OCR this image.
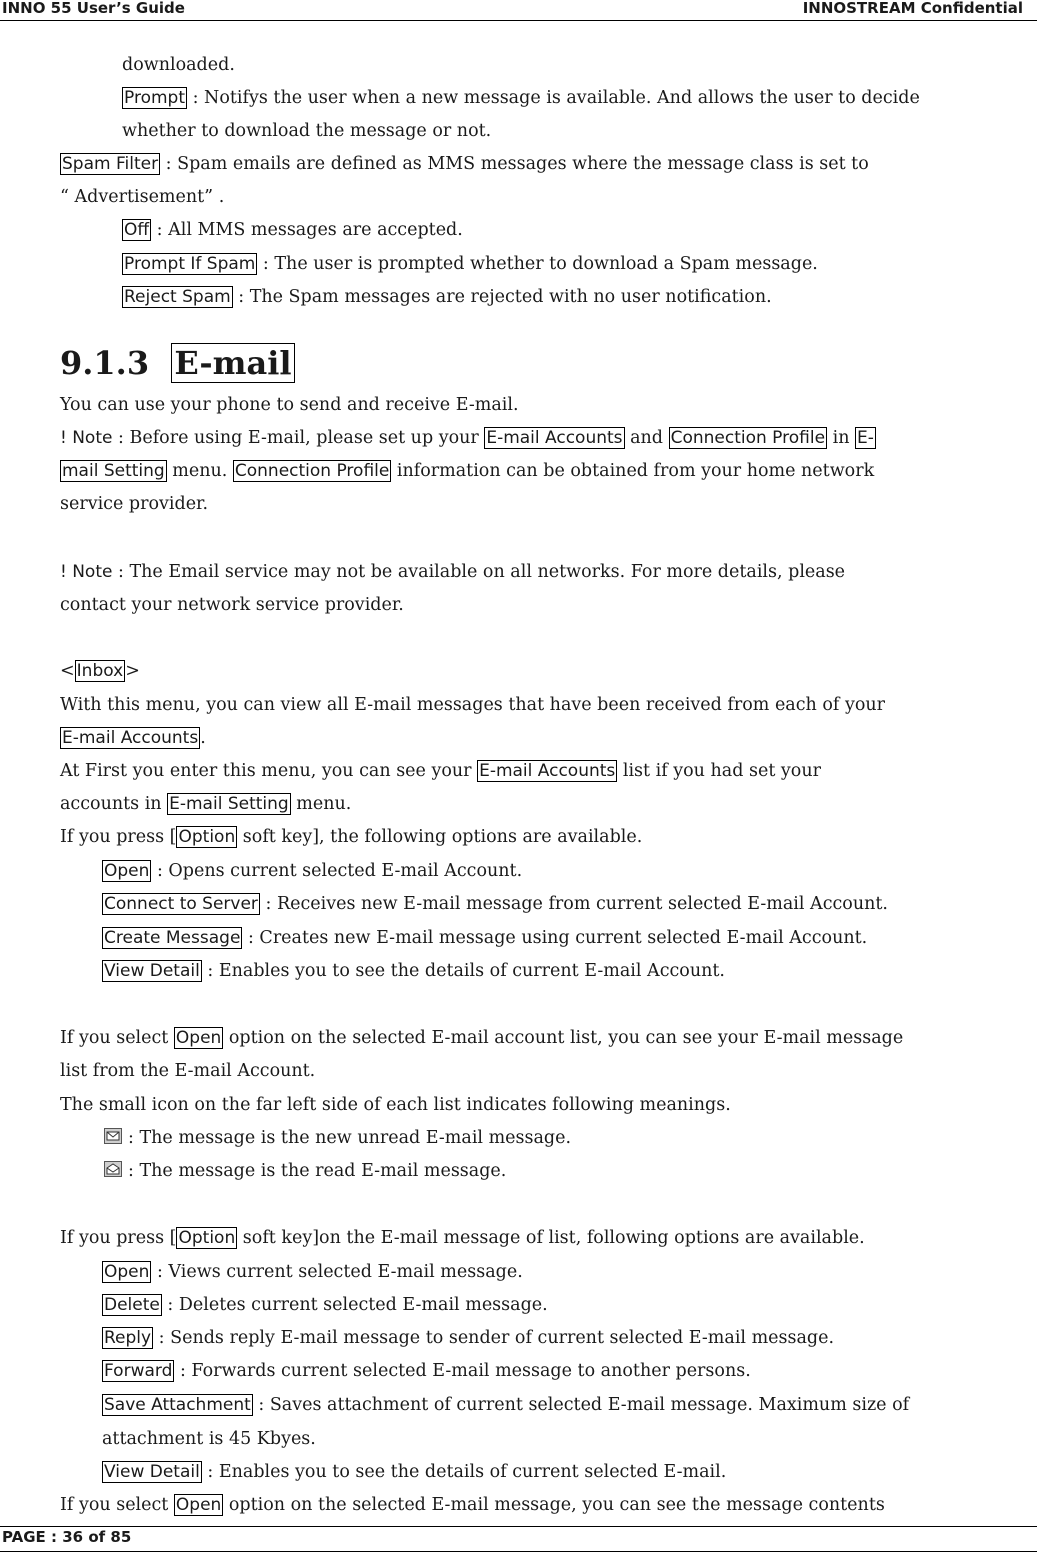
INNO 55 User’s Guide	INNOSTREAM Confidential
downloaded.
Prompt : Notifys the user when a new message is available. And allows the user to decide
whether to download the message or not.
Spam Filter : Spam emails are defined as MMS messages where the message class is set to
“ Advertisement” .
Off : All MMS messages are accepted.
Prompt If Spam : The user is prompted whether to download a Spam message.
Reject Spam : The Spam messages are rejected with no user notification.
9.1.3 E-mail
You can use your phone to send and receive E-mail.
! Note : Before using E-mail, please set up your E-mail Accounts and Connection Profile in E-
mail Setting menu. Connection Profile information can be obtained from your home network
service provider.
! Note : The Email service may not be available on all networks. For more details, please
contact your network service provider.
< Inbox >
With this menu, you can view all E-mail messages that have been received from each of your
E-mail Accounts .
At First you enter this menu, you can see your E-mail Accounts list if you had set your
accounts in E-mail Setting menu.
If you press [ Option soft key], the following options are available.
Open : Opens current selected E-mail Account.
Connect to Server : Receives new E-mail message from current selected E-mail Account.
Create Message : Creates new E-mail message using current selected E-mail Account.
View Detail : Enables you to see the details of current E-mail Account.
If you select Open option on the selected E-mail account list, you can see your E-mail message
list from the E-mail Account.
The small icon on the far left side of each list indicates following meanings.
: The message is the new unread E-mail message.
: The message is the read E-mail message.
If you press [ Option soft key]on the E-mail message of list, following options are available.
Open : Views current selected E-mail message.
Delete : Deletes current selected E-mail message.
Reply : Sends reply E-mail message to sender of current selected E-mail message.
Forward : Forwards current selected E-mail message to another persons.
Save Attachment : Saves attachment of current selected E-mail message. Maximum size of
attachment is 45 Kbyes.
View Detail : Enables you to see the details of current selected E-mail.
If you select Open option on the selected E-mail message, you can see the message contents
PAGE : 36 of 85
